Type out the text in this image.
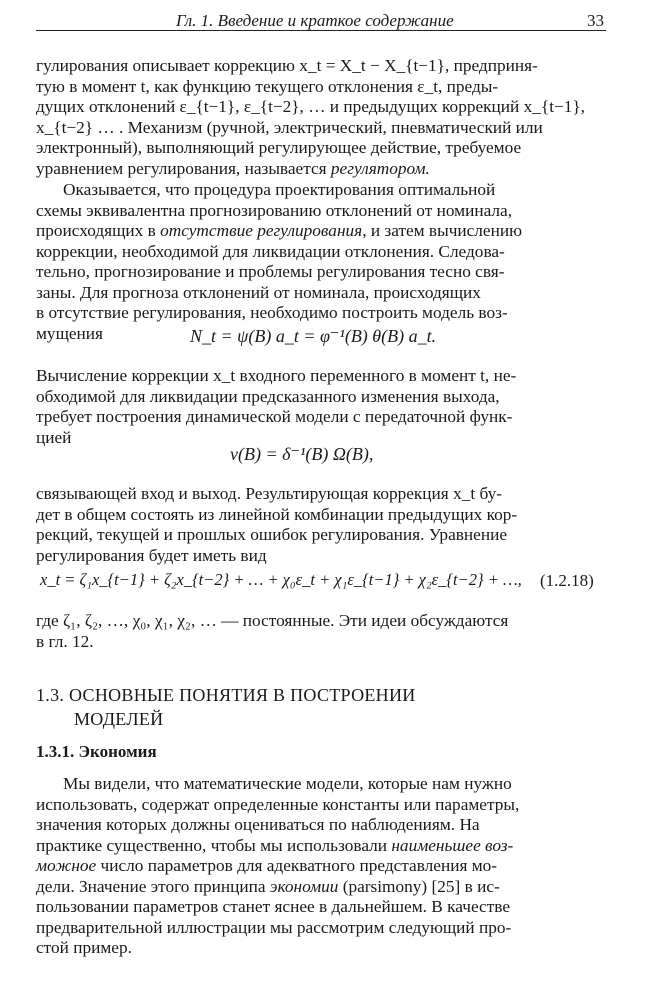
Гл. 1. Введение и краткое содержание	33

гулирования описывает коррекцию x_t = X_t − X_{t−1}, предприня-

тую в момент t, как функцию текущего отклонения ε_t, преды-

дущих отклонений ε_{t−1}, ε_{t−2}, … и предыдущих коррекций x_{t−1},

x_{t−2} … . Механизм (ручной, электрический, пневматический или

электронный), выполняющий регулирующее действие, требуемое

уравнением регулирования, называется регулятором.

Оказывается, что процедура проектирования оптимальной

схемы эквивалентна прогнозированию отклонений от номинала,

происходящих в отсутствие регулирования, и затем вычислению

коррекции, необходимой для ликвидации отклонения. Следова-

тельно, прогнозирование и проблемы регулирования тесно свя-

заны. Для прогноза отклонений от номинала, происходящих

в отсутствие регулирования, необходимо построить модель воз-

мущения	N_t = ψ(B) a_t = φ⁻¹(B) θ(B) a_t.

Вычисление коррекции x_t входного переменного в момент t, не-

обходимой для ликвидации предсказанного изменения выхода,

требует построения динамической модели с передаточной функ-

цией

v(B) = δ⁻¹(B) Ω(B),

связывающей вход и выход. Результирующая коррекция x_t бу-

дет в общем состоять из линейной комбинации предыдущих кор-

рекций, текущей и прошлых ошибок регулирования. Уравнение

регулирования будет иметь вид

x_t = ζ₁x_{t−1} + ζ₂x_{t−2} + … + χ₀ε_t + χ₁ε_{t−1} + χ₂ε_{t−2} + …, (1.2.18)

где ζ₁, ζ₂, …, χ₀, χ₁, χ₂, … — постоянные. Эти идеи обсуждаются

в гл. 12.

1.3. ОСНОВНЫЕ ПОНЯТИЯ В ПОСТРОЕНИИ
МОДЕЛЕЙ
1.3.1. Экономия

Мы видели, что математические модели, которые нам нужно

использовать, содержат определенные константы или параметры,

значения которых должны оцениваться по наблюдениям. На

практике существенно, чтобы мы использовали наименьшее воз-

можное число параметров для адекватного представления мо-

дели. Значение этого принципа экономии (parsimony) [25] в ис-

пользовании параметров станет яснее в дальнейшем. В качестве

предварительной иллюстрации мы рассмотрим следующий про-

стой пример.
